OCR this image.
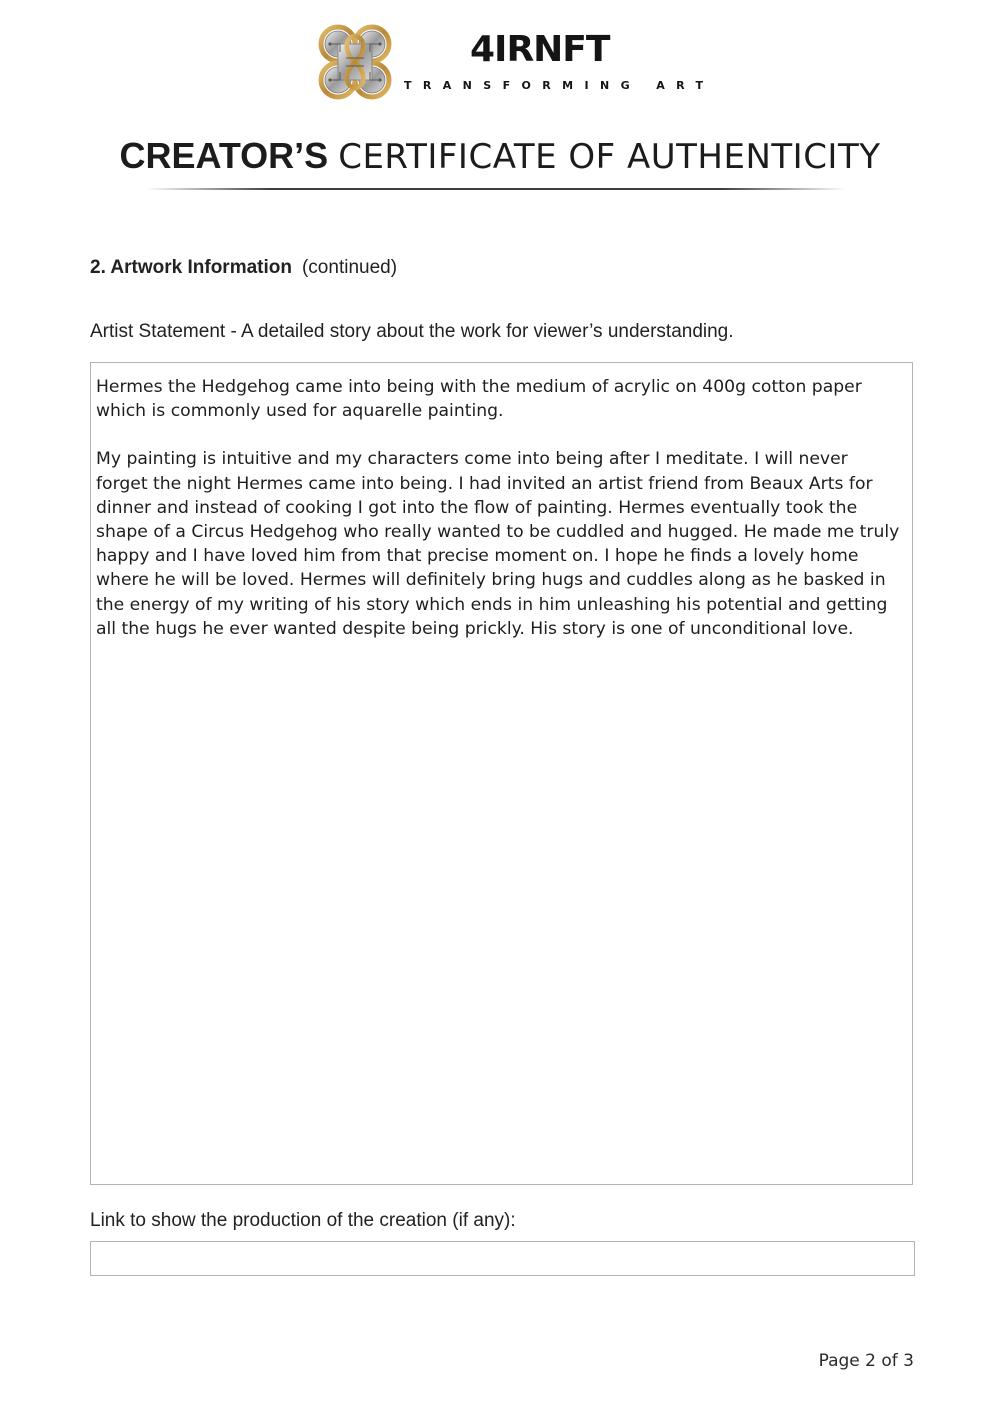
4IRNFT
TRANSFORMING ART
CREATOR’S CERTIFICATE OF AUTHENTICITY
2. Artwork Information (continued)
Artist Statement - A detailed story about the work for viewer’s understanding.

Hermes the Hedgehog came into being with the medium of acrylic on 400g cotton paper which is commonly used for aquarelle painting.

My painting is intuitive and my characters come into being after I meditate. I will never forget the night Hermes came into being. I had invited an artist friend from Beaux Arts for dinner and instead of cooking I got into the flow of painting. Hermes eventually took the shape of a Circus Hedgehog who really wanted to be cuddled and hugged. He made me truly happy and I have loved him from that precise moment on. I hope he finds a lovely home where he will be loved. Hermes will definitely bring hugs and cuddles along as he basked in the energy of my writing of his story which ends in him unleashing his potential and getting all the hugs he ever wanted despite being prickly. His story is one of unconditional love.

Link to show the production of the creation (if any):
Page 2 of 3
